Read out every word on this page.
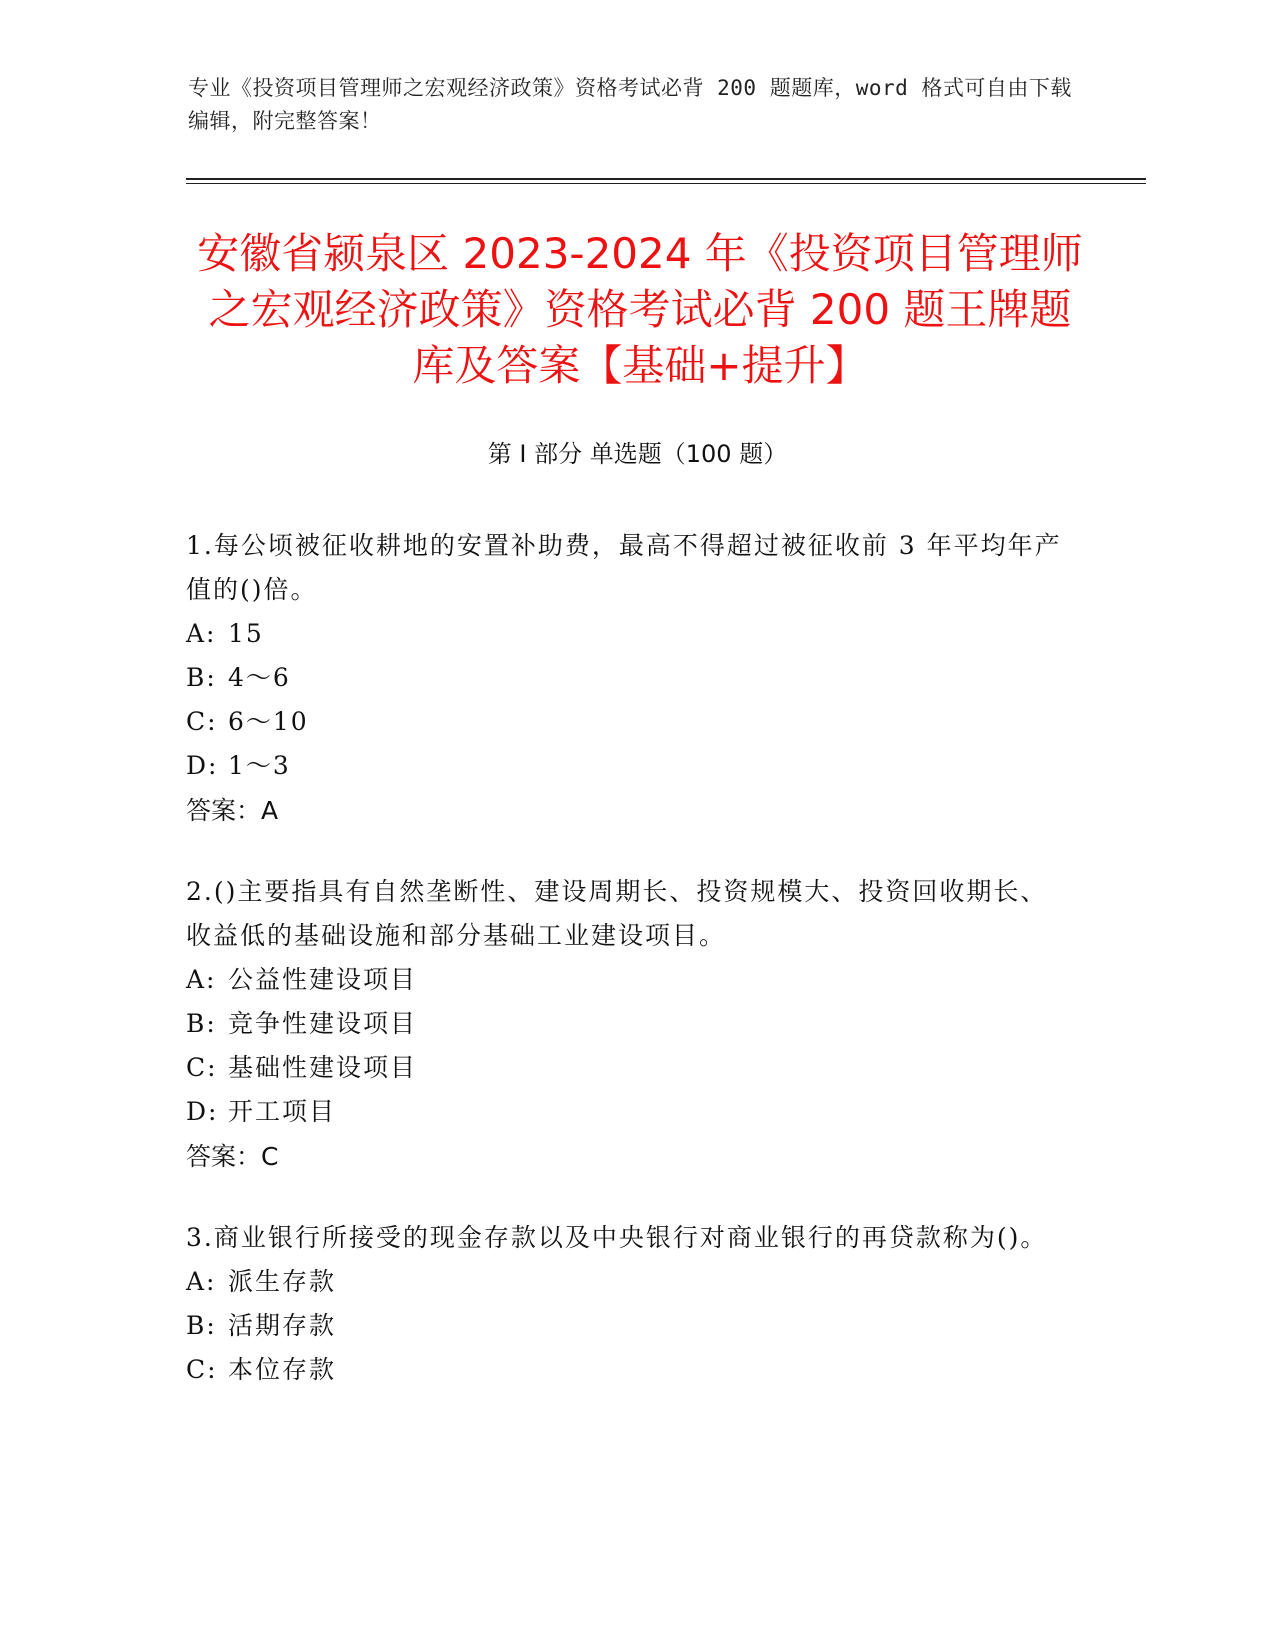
专业《投资项目管理师之宏观经济政策》资格考试必背 200 题题库，word 格式可自由下载编辑，附完整答案！
安徽省颍泉区 2023-2024 年《投资项目管理师之宏观经济政策》资格考试必背 200 题王牌题库及答案【基础+提升】
第 I 部分 单选题（100 题）

1.每公顷被征收耕地的安置补助费，最高不得超过被征收前 3 年平均年产值的()倍。

A: 15

B: 4～6

C: 6～10

D: 1～3

答案：A

2.()主要指具有自然垄断性、建设周期长、投资规模大、投资回收期长、收益低的基础设施和部分基础工业建设项目。

A: 公益性建设项目

B: 竞争性建设项目

C: 基础性建设项目

D: 开工项目

答案：C

3.商业银行所接受的现金存款以及中央银行对商业银行的再贷款称为()。

A: 派生存款

B: 活期存款

C: 本位存款
